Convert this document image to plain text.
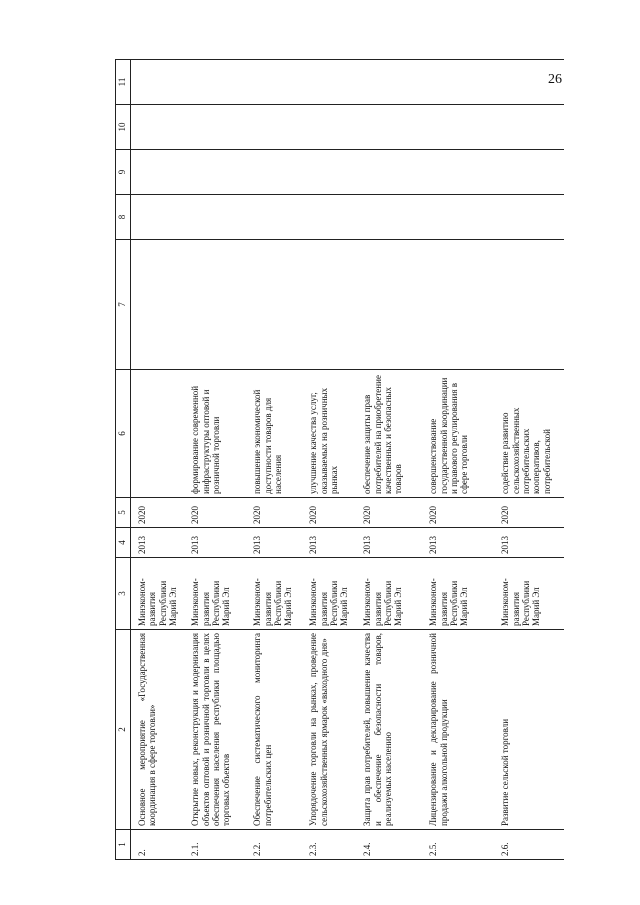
26
1	2	3	4	5	6	7	8	9	10	11
2.	Основное мероприятие «Государственная координация в сфере торговли»	Минэконом-развития Республики Марий Эл	2013	2020						
2.1.	Открытие новых, реконструкция и модернизация объектов оптовой и розничной торговли в целях обеспечения населения республики площадью торговых объектов	Минэконом-развития Республики Марий Эл	2013	2020	формирование современной инфраструктуры оптовой и розничной торговли					
2.2.	Обеспечение систематического мониторинга потребительских цен	Минэконом-развития Республики Марий Эл	2013	2020	повышение экономической доступности товаров для населения					
2.3.	Упорядочение торговли на рынках, проведение сельскохозяйственных ярмарок «выходного дня»	Минэконом-развития Республики Марий Эл	2013	2020	улучшение качества услуг, оказываемых на розничных рынках					
2.4.	Защита прав потребителей, повышение качества и обеспечение безопасности товаров, реализуемых населению	Минэконом-развития Республики Марий Эл	2013	2020	обеспечение защиты прав потребителей на приобретение качественных и безопасных товаров					
2.5.	Лицензирование и декларирование розничной продажи алкогольной продукции	Минэконом-развития Республики Марий Эл	2013	2020	совершенствование государственной координации и правового регулирования в сфере торговли					
2.6.	Развитие сельской торговли	Минэконом-развития Республики Марий Эл	2013	2020	содействие развитию сельскохозяйственных потребительских кооперативов, потребительской					
